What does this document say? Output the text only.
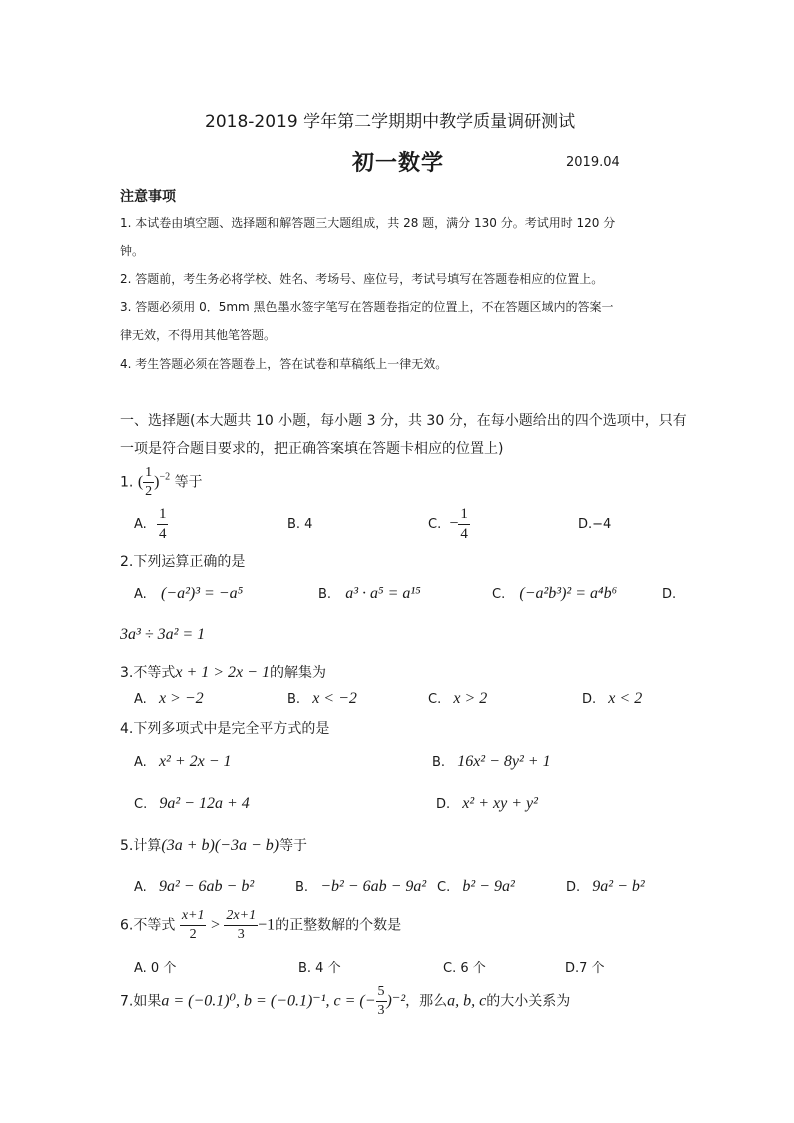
2018-2019 学年第二学期期中教学质量调研测试
初一数学	2019.04
注意事项
1. 本试卷由填空题、选择题和解答题三大题组成，共 28 题，满分 130 分。考试用时 120 分
钟。
2. 答题前，考生务必将学校、姓名、考场号、座位号，考试号填写在答题卷相应的位置上。
3. 答题必须用 0．5mm 黑色墨水签字笔写在答题卷指定的位置上，不在答题区域内的答案一
律无效，不得用其他笔答题。
4. 考生答题必须在答题卷上，答在试卷和草稿纸上一律无效。
一、选择题(本大题共 10 小题，每小题 3 分，共 30 分，在每小题给出的四个选项中，只有
一项是符合题目要求的，把正确答案填在答题卡相应的位置上)
1. ( $\frac{1}{2} )^{-2}$ 等于
A. $\frac{1}{4}$	B. 4	C. − $\frac{1}{4}$	D.−4
2.下列运算正确的是
A. (−a²)³ = −a⁵	B. a³ · a⁵ = a¹⁵	C. (−a²b³)² = a⁴b⁶	D.
3a³ ÷ 3a² = 1
3.不等式x + 1 > 2x − 1的解集为
A. x > −2	B. x < −2	C. x > 2	D. x < 2
4.下列多项式中是完全平方式的是
A. x² + 2x − 1	B. 16x² − 8y² + 1
C. 9a² − 12a + 4	D. x² + xy + y²
5.计算(3a + b)(−3a − b)等于
A. 9a² − 6ab − b²	B. −b² − 6ab − 9a² C. b² − 9a²	D. 9a² − b²
6.不等式 $\frac{x+1}{2} > \frac{2x+1}{3} -1$的正整数解的个数是
A. 0 个	B. 4 个	C. 6 个	D.7 个
7.如果a = (−0.1)⁰, b = (−0.1)⁻¹, c = (− $\frac{5}{3} )^{-2}$，那么a, b, c的大小关系为
